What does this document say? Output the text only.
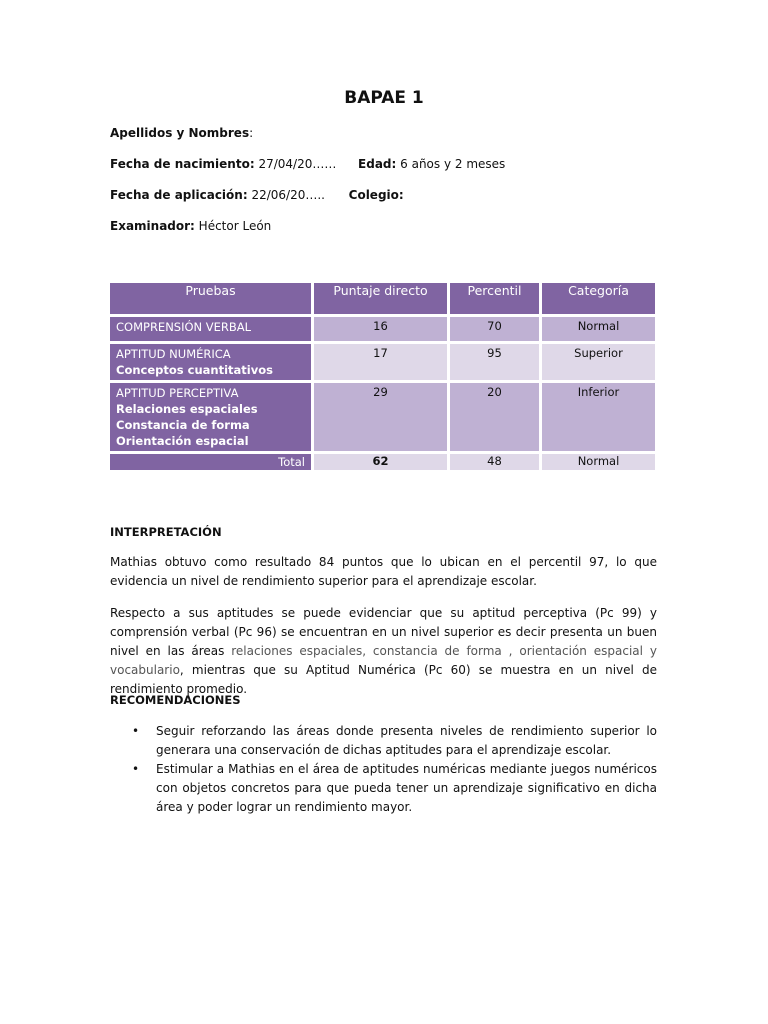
BAPAE 1
Apellidos y Nombres:
Fecha de nacimiento: 27/04/20…… Edad: 6 años y 2 meses
Fecha de aplicación: 22/06/20….. Colegio:
Examinador: Héctor León
Pruebas	Puntaje directo	Percentil	Categoría
COMPRENSIÓN VERBAL	16	70	Normal
APTITUD NUMÉRICA
Conceptos cuantitativos	17	95	Superior
APTITUD PERCEPTIVA
Relaciones espaciales
Constancia de forma
Orientación espacial	29	20	Inferior
Total	62	48	Normal
INTERPRETACIÓN
Mathias obtuvo como resultado 84 puntos que lo ubican en el percentil 97, lo que evidencia un nivel de rendimiento superior para el aprendizaje escolar.
Respecto a sus aptitudes se puede evidenciar que su aptitud perceptiva (Pc 99) y comprensión verbal (Pc 96) se encuentran en un nivel superior es decir presenta un buen nivel en las áreas relaciones espaciales, constancia de forma , orientación espacial y vocabulario, mientras que su Aptitud Numérica (Pc 60) se muestra en un nivel de rendimiento promedio.
RECOMENDACIONES
• Seguir reforzando las áreas donde presenta niveles de rendimiento superior lo generara una conservación de dichas aptitudes para el aprendizaje escolar.
• Estimular a Mathias en el área de aptitudes numéricas mediante juegos numéricos con objetos concretos para que pueda tener un aprendizaje significativo en dicha área y poder lograr un rendimiento mayor.
